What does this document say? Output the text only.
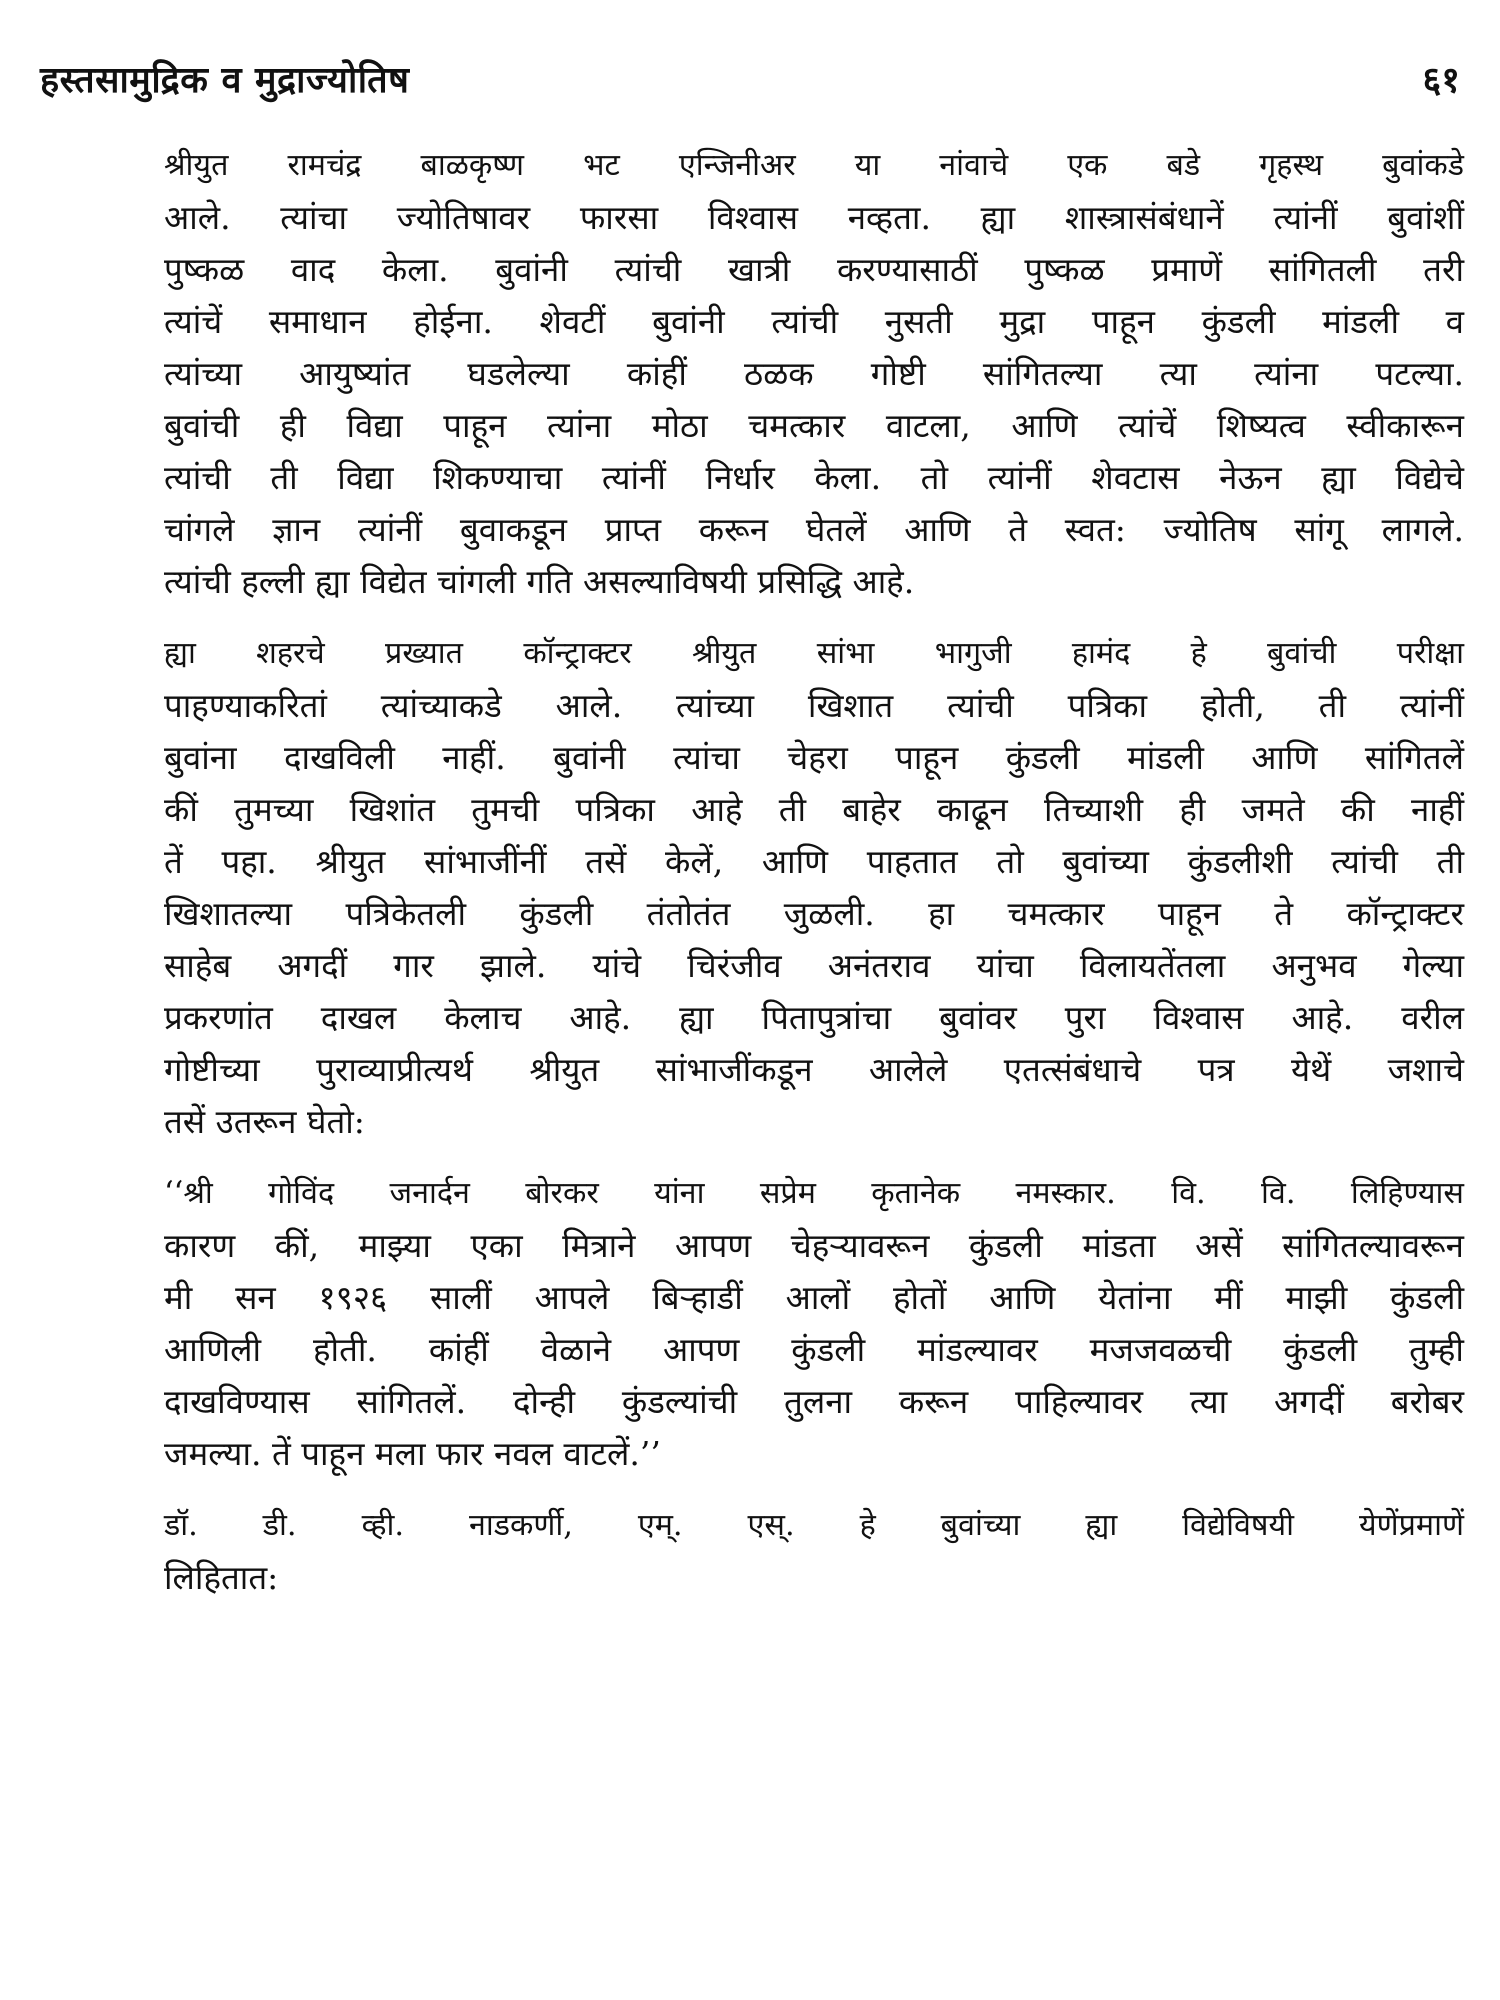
हस्तसामुद्रिक व मुद्राज्योतिष	६१

श्रीयुत रामचंद्र बाळकृष्ण भट एन्जिनीअर या नांवाचे एक बडे गृहस्थ बुवांकडे
आले. त्यांचा ज्योतिषावर फारसा विश्वास नव्हता. ह्या शास्त्रासंबंधानें त्यांनीं बुवांशीं
पुष्कळ वाद केला. बुवांनी त्यांची खात्री करण्यासाठीं पुष्कळ प्रमाणें सांगितली तरी
त्यांचें समाधान होईना. शेवटीं बुवांनी त्यांची नुसती मुद्रा पाहून कुंडली मांडली व
त्यांच्या आयुष्यांत घडलेल्या कांहीं ठळक गोष्टी सांगितल्या त्या त्यांना पटल्या.
बुवांची ही विद्या पाहून त्यांना मोठा चमत्कार वाटला, आणि त्यांचें शिष्यत्व स्वीकारून
त्यांची ती विद्या शिकण्याचा त्यांनीं निर्धार केला. तो त्यांनीं शेवटास नेऊन ह्या विद्येचे
चांगले ज्ञान त्यांनीं बुवाकडून प्राप्त करून घेतलें आणि ते स्वत: ज्योतिष सांगू लागले.
त्यांची हल्ली ह्या विद्येत चांगली गति असल्याविषयी प्रसिद्धि आहे.

ह्या शहरचे प्रख्यात कॉन्ट्राक्टर श्रीयुत सांभा भागुजी हामंद हे बुवांची परीक्षा
पाहण्याकरितां त्यांच्याकडे आले. त्यांच्या खिशात त्यांची पत्रिका होती, ती त्यांनीं
बुवांना दाखविली नाहीं. बुवांनी त्यांचा चेहरा पाहून कुंडली मांडली आणि सांगितलें
कीं तुमच्या खिशांत तुमची पत्रिका आहे ती बाहेर काढून तिच्याशी ही जमते की नाहीं
तें पहा. श्रीयुत सांभाजींनीं तसें केलें, आणि पाहतात तो बुवांच्या कुंडलीशी त्यांची ती
खिशातल्या पत्रिकेतली कुंडली तंतोतंत जुळली. हा चमत्कार पाहून ते कॉन्ट्राक्टर
साहेब अगदीं गार झाले. यांचे चिरंजीव अनंतराव यांचा विलायतेंतला अनुभव गेल्या
प्रकरणांत दाखल केलाच आहे. ह्या पितापुत्रांचा बुवांवर पुरा विश्वास आहे. वरील
गोष्टीच्या पुराव्याप्रीत्यर्थ श्रीयुत सांभाजींकडून आलेले एतत्संबंधाचे पत्र येथें जशाचे
तसें उतरून घेतो:

‘‘श्री गोविंद जनार्दन बोरकर यांना सप्रेम कृतानेक नमस्कार. वि. वि. लिहिण्यास
कारण कीं, माझ्या एका मित्राने आपण चेहऱ्यावरून कुंडली मांडता असें सांगितल्यावरून
मी सन १९२६ सालीं आपले बिऱ्हाडीं आलों होतों आणि येतांना मीं माझी कुंडली
आणिली होती. कांहीं वेळाने आपण कुंडली मांडल्यावर मजजवळची कुंडली तुम्ही
दाखविण्यास सांगितलें. दोन्ही कुंडल्यांची तुलना करून पाहिल्यावर त्या अगदीं बरोबर
जमल्या. तें पाहून मला फार नवल वाटलें.’’

डॉ. डी. व्ही. नाडकर्णी, एम्. एस्. हे बुवांच्या ह्या विद्येविषयी येणेंप्रमाणें
लिहितात:
